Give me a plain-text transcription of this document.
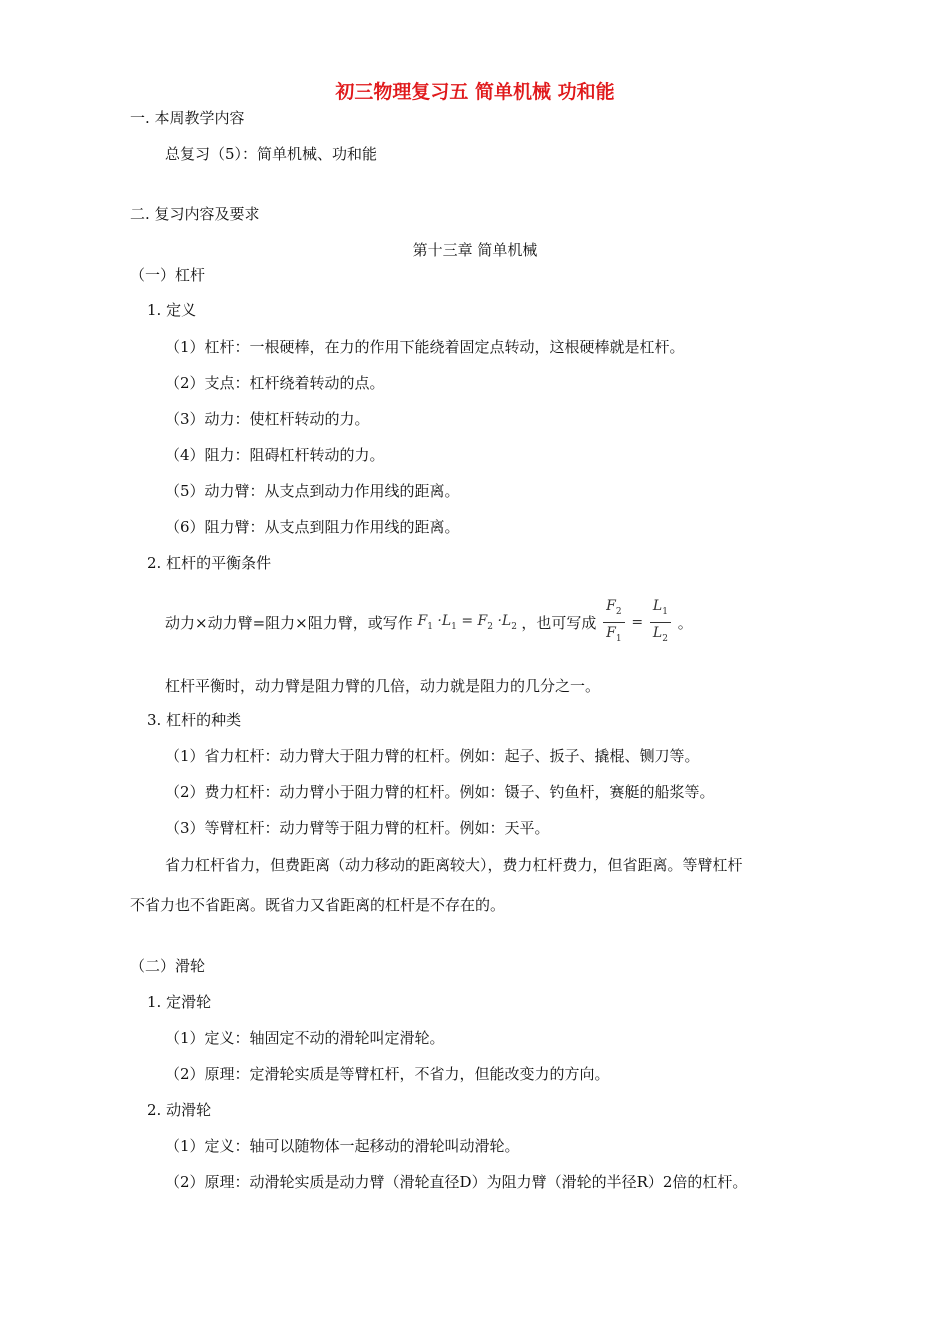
初三物理复习五 简单机械 功和能
一. 本周教学内容
总复习（5）：简单机械、功和能
二. 复习内容及要求
第十三章 简单机械
（一）杠杆
1. 定义
（1）杠杆：一根硬棒，在力的作用下能绕着固定点转动，这根硬棒就是杠杆。
（2）支点：杠杆绕着转动的点。
（3）动力：使杠杆转动的力。
（4）阻力：阻碍杠杆转动的力。
（5）动力臂：从支点到动力作用线的距离。
（6）阻力臂：从支点到阻力作用线的距离。
2. 杠杆的平衡条件
动力×动力臂=阻力×阻力臂，或写作 $F_1 \cdot L_1 = F_2 \cdot L_2$ ，也可写成 $\frac{F_2}{F_1} = \frac{L_1}{L_2}$ 。
杠杆平衡时，动力臂是阻力臂的几倍，动力就是阻力的几分之一。
3. 杠杆的种类
（1）省力杠杆：动力臂大于阻力臂的杠杆。例如：起子、扳子、撬棍、铡刀等。
（2）费力杠杆：动力臂小于阻力臂的杠杆。例如：镊子、钓鱼杆，赛艇的船浆等。
（3）等臂杠杆：动力臂等于阻力臂的杠杆。例如：天平。
省力杠杆省力，但费距离（动力移动的距离较大），费力杠杆费力，但省距离。等臂杠杆
不省力也不省距离。既省力又省距离的杠杆是不存在的。
（二）滑轮
1. 定滑轮
（1）定义：轴固定不动的滑轮叫定滑轮。
（2）原理：定滑轮实质是等臂杠杆，不省力，但能改变力的方向。
2. 动滑轮
（1）定义：轴可以随物体一起移动的滑轮叫动滑轮。
（2）原理：动滑轮实质是动力臂（滑轮直径D）为阻力臂（滑轮的半径R）2倍的杠杆。
